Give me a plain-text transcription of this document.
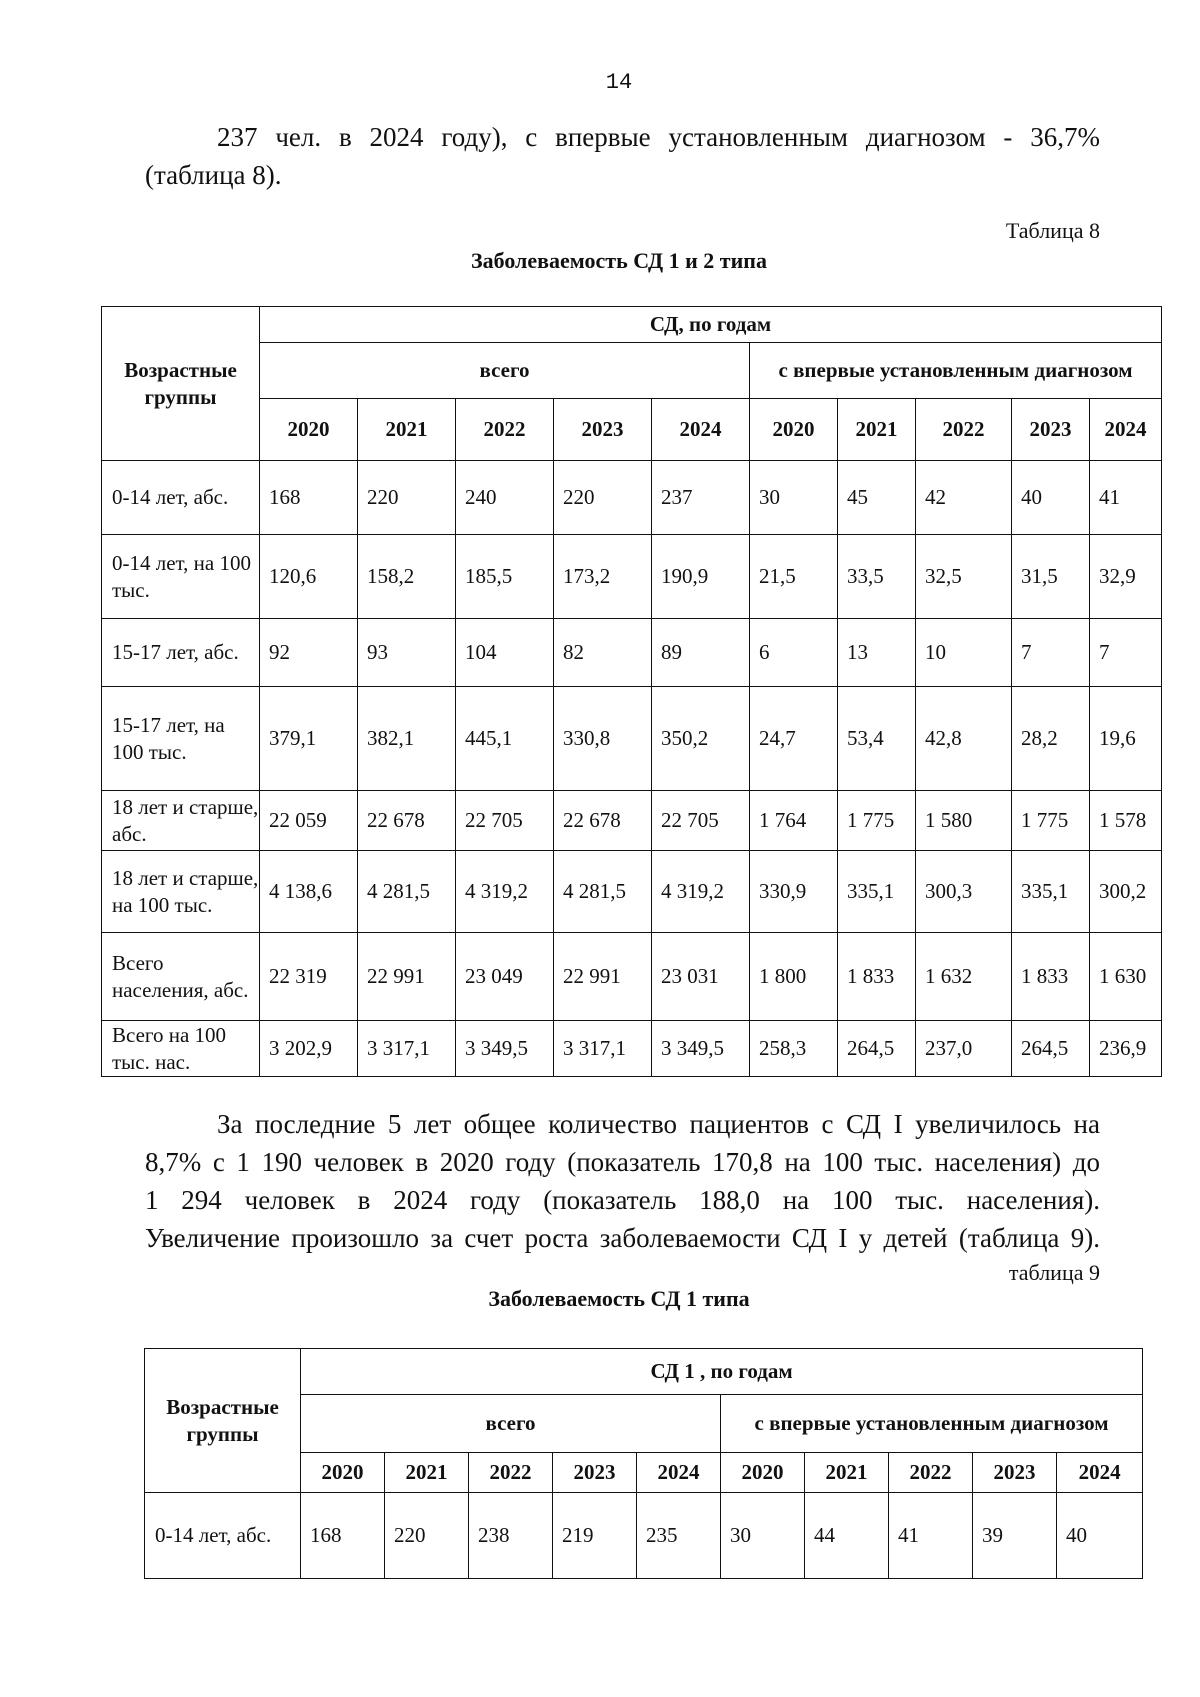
14
237 чел. в 2024 году), с впервые установленным диагнозом - 36,7%
(таблица 8).
Таблица 8
Заболеваемость СД 1 и 2 типа
Возрастные группы	СД, по годам									
	всего					с впервые установленным диагнозом				
	2020	2021	2022	2023	2024	2020	2021	2022	2023	2024
0-14 лет, абс.	168	220	240	220	237	30	45	42	40	41
0-14 лет, на 100 тыс.	120,6	158,2	185,5	173,2	190,9	21,5	33,5	32,5	31,5	32,9
15-17 лет, абс.	92	93	104	82	89	6	13	10	7	7
15-17 лет, на 100 тыс.	379,1	382,1	445,1	330,8	350,2	24,7	53,4	42,8	28,2	19,6
18 лет и старше, абс.	22 059	22 678	22 705	22 678	22 705	1 764	1 775	1 580	1 775	1 578
18 лет и старше, на 100 тыс.	4 138,6	4 281,5	4 319,2	4 281,5	4 319,2	330,9	335,1	300,3	335,1	300,2
Всего населения, абс.	22 319	22 991	23 049	22 991	23 031	1 800	1 833	1 632	1 833	1 630
Всего на 100 тыс. нас.	3 202,9	3 317,1	3 349,5	3 317,1	3 349,5	258,3	264,5	237,0	264,5	236,9
За последние 5 лет общее количество пациентов с СД I увеличилось на
8,7% с 1 190 человек в 2020 году (показатель 170,8 на 100 тыс. населения) до
1 294 человек в 2024 году (показатель 188,0 на 100 тыс. населения).
Увеличение произошло за счет роста заболеваемости СД I у детей (таблица 9).
таблица 9
Заболеваемость СД 1 типа
Возрастные группы	СД 1 , по годам									
	всего					с впервые установленным диагнозом				
	2020	2021	2022	2023	2024	2020	2021	2022	2023	2024
0-14 лет, абс.	168	220	238	219	235	30	44	41	39	40
